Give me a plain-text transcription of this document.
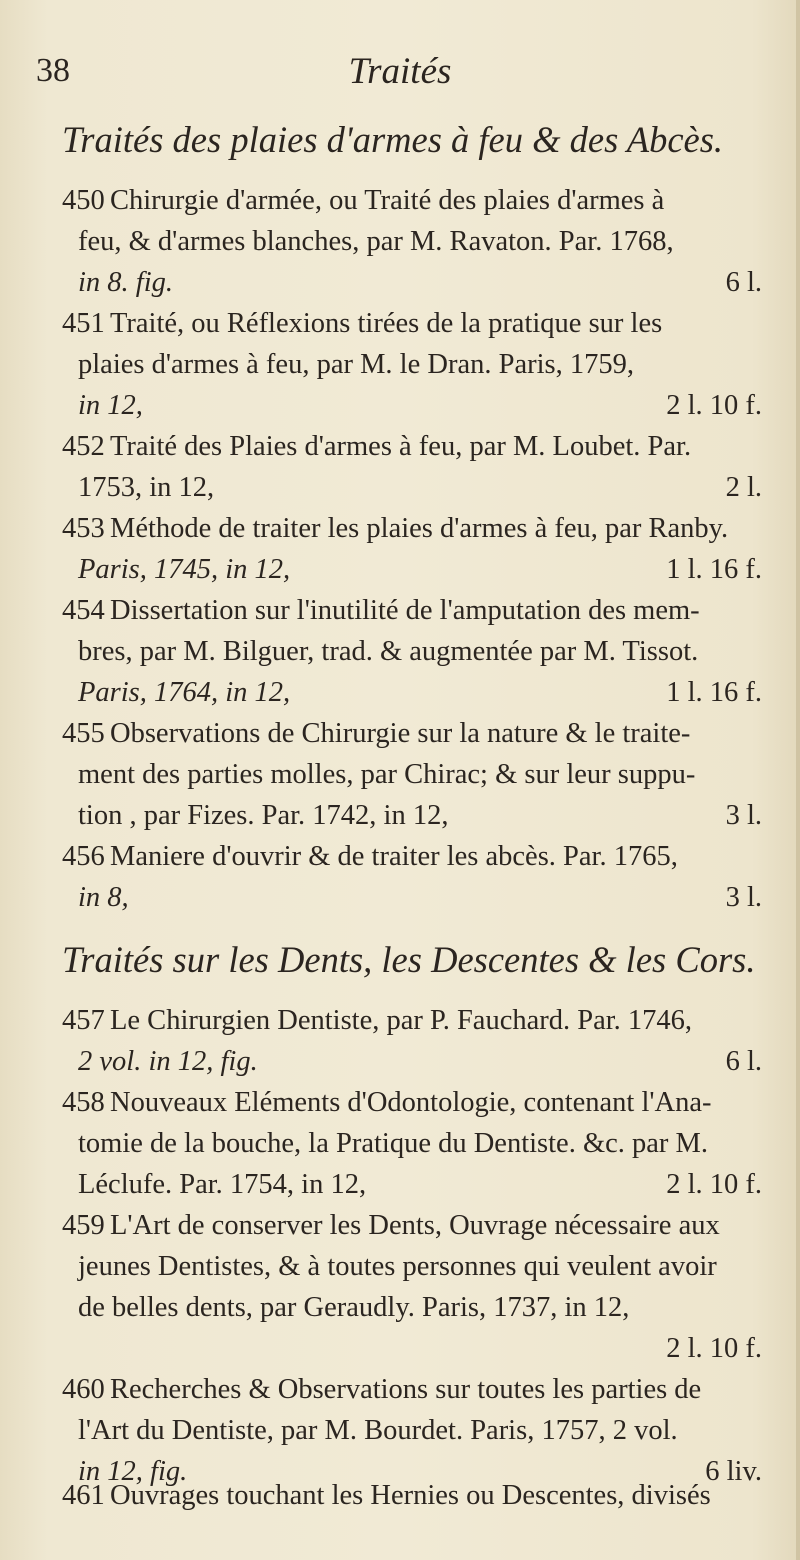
38	Traités
Traités des plaies d'armes à feu & des Abcès.
450 Chirurgie d'armée, ou Traité des plaies d'armes à
feu, & d'armes blanches, par M. Ravaton. Par. 1768,
in 8. fig.	6 l.
451 Traité, ou Réflexions tirées de la pratique sur les
plaies d'armes à feu, par M. le Dran. Paris, 1759,
in 12,	2 l. 10 f.
452 Traité des Plaies d'armes à feu, par M. Loubet. Par.
1753, in 12,	2 l.
453 Méthode de traiter les plaies d'armes à feu, par Ranby.
Paris, 1745, in 12,	1 l. 16 f.
454 Dissertation sur l'inutilité de l'amputation des mem-
bres, par M. Bilguer, trad. & augmentée par M. Tissot.
Paris, 1764, in 12,	1 l. 16 f.
455 Observations de Chirurgie sur la nature & le traite-
ment des parties molles, par Chirac; & sur leur suppu-
tion , par Fizes. Par. 1742, in 12,	3 l.
456 Maniere d'ouvrir & de traiter les abcès. Par. 1765,
in 8,	3 l.
Traités sur les Dents, les Descentes & les Cors.
457 Le Chirurgien Dentiste, par P. Fauchard. Par. 1746,
2 vol. in 12, fig.	6 l.
458 Nouveaux Eléments d'Odontologie, contenant l'Ana-
tomie de la bouche, la Pratique du Dentiste. &c. par M.
Léclufe. Par. 1754, in 12,	2 l. 10 f.
459 L'Art de conserver les Dents, Ouvrage nécessaire aux
jeunes Dentistes, & à toutes personnes qui veulent avoir
de belles dents, par Geraudly. Paris, 1737, in 12,
2 l. 10 f.
460 Recherches & Observations sur toutes les parties de
l'Art du Dentiste, par M. Bourdet. Paris, 1757, 2 vol.
in 12, fig.	6 liv.
461 Ouvrages touchant les Hernies ou Descentes, divisés
